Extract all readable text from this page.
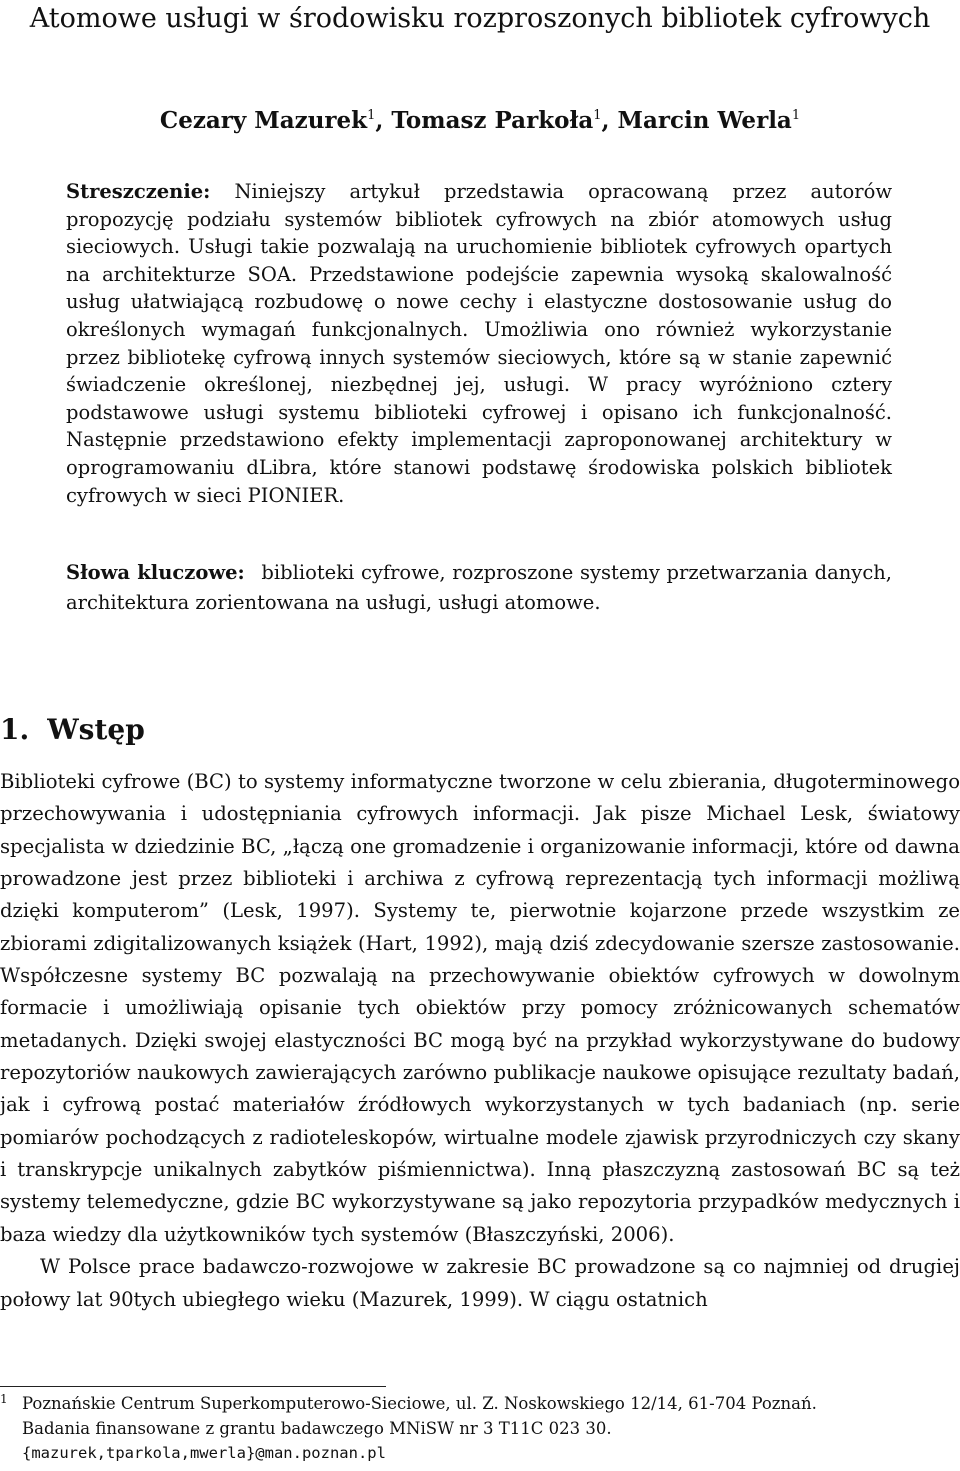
Atomowe usługi w środowisku rozproszonych bibliotek cyfrowych
Cezary Mazurek$^1$, Tomasz Parkoła$^1$, Marcin Werla$^1$
Streszczenie: Niniejszy artykuł przedstawia opracowaną przez autorów propozycję podziału systemów bibliotek cyfrowych na zbiór atomowych usług sieciowych. Usługi takie pozwalają na uruchomienie bibliotek cyfrowych opartych na architekturze SOA. Przedstawione podejście zapewnia wysoką skalowalność usług ułatwiającą rozbudowę o nowe cechy i elastyczne dostosowanie usług do określonych wymagań funkcjonalnych. Umożliwia ono również wykorzystanie przez bibliotekę cyfrową innych systemów sieciowych, które są w stanie zapewnić świadczenie określonej, niezbędnej jej, usługi. W pracy wyróżniono cztery podstawowe usługi systemu biblioteki cyfrowej i opisano ich funkcjonalność. Następnie przedstawiono efekty implementacji zaproponowanej architektury w oprogramowaniu dLibra, które stanowi podstawę środowiska polskich bibliotek cyfrowych w sieci PIONIER.
Słowa kluczowe: biblioteki cyfrowe, rozproszone systemy przetwarzania danych, architektura zorientowana na usługi, usługi atomowe.
1. Wstęp

Biblioteki cyfrowe (BC) to systemy informatyczne tworzone w celu zbierania, długoterminowego przechowywania i udostępniania cyfrowych informacji. Jak pisze Michael Lesk, światowy specjalista w dziedzinie BC, „łączą one gromadzenie i organizowanie informacji, które od dawna prowadzone jest przez biblioteki i archiwa z cyfrową reprezentacją tych informacji możliwą dzięki komputerom” (Lesk, 1997). Systemy te, pierwotnie kojarzone przede wszystkim ze zbiorami zdigitalizowanych książek (Hart, 1992), mają dziś zdecydowanie szersze zastosowanie. Współczesne systemy BC pozwalają na przechowywanie obiektów cyfrowych w dowolnym formacie i umożliwiają opisanie tych obiektów przy pomocy zróżnicowanych schematów metadanych. Dzięki swojej elastyczności BC mogą być na przykład wykorzystywane do budowy repozytoriów naukowych zawierających zarówno publikacje naukowe opisujące rezultaty badań, jak i cyfrową postać materiałów źródłowych wykorzystanych w tych badaniach (np. serie pomiarów pochodzących z radioteleskopów, wirtualne modele zjawisk przyrodniczych czy skany i transkrypcje unikalnych zabytków piśmiennictwa). Inną płaszczyzną zastosowań BC są też systemy telemedyczne, gdzie BC wykorzystywane są jako repozytoria przypadków medycznych i baza wiedzy dla użytkowników tych systemów (Błaszczyński, 2006).

W Polsce prace badawczo-rozwojowe w zakresie BC prowadzone są co najmniej od drugiej połowy lat 90tych ubiegłego wieku (Mazurek, 1999). W ciągu ostatnich

1 Poznańskie Centrum Superkomputerowo-Sieciowe, ul. Z. Noskowskiego 12/14, 61-704 Poznań.
Badania finansowane z grantu badawczego MNiSW nr 3 T11C 023 30.
{mazurek,tparkola,mwerla}@man.poznan.pl
